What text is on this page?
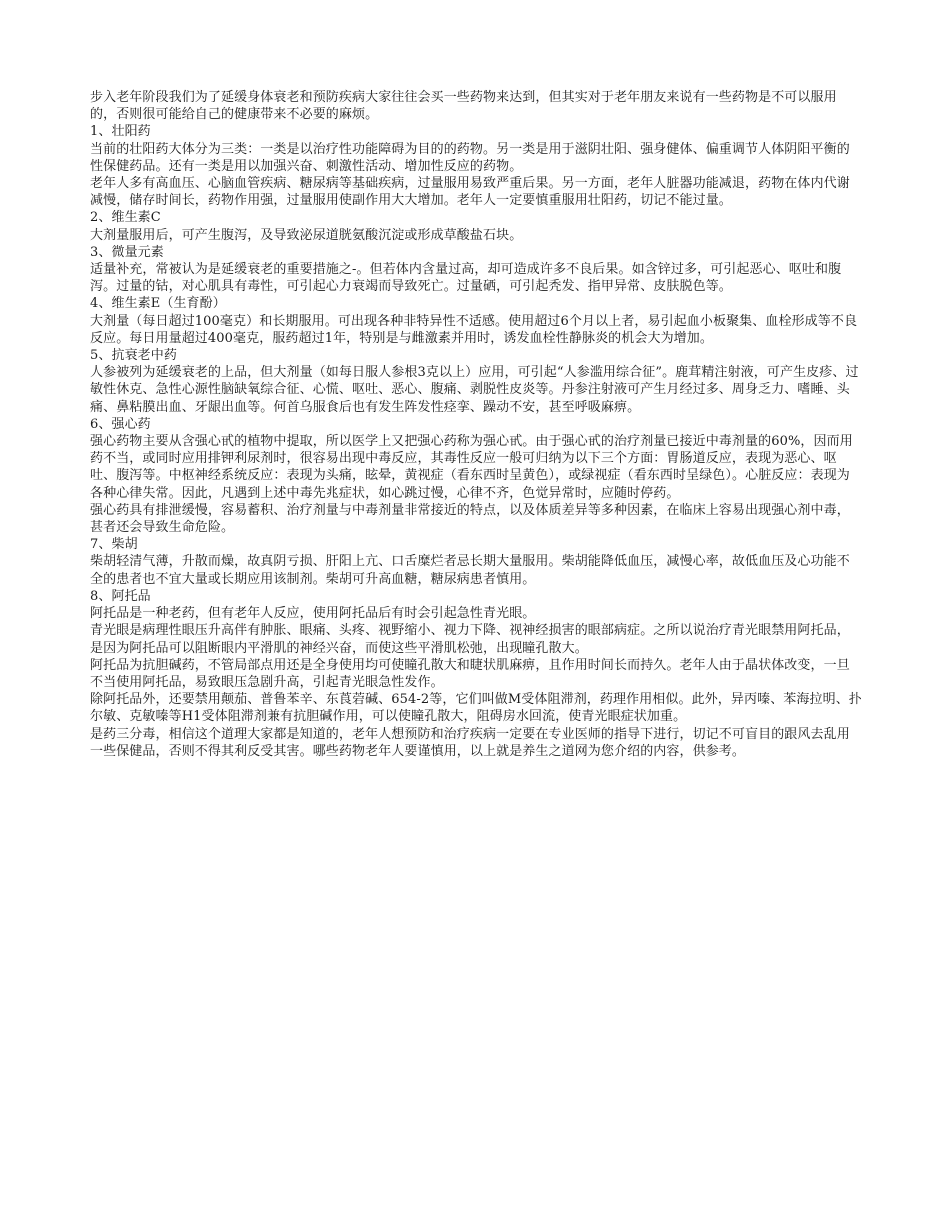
步入老年阶段我们为了延缓身体衰老和预防疾病大家往往会买一些药物来达到，但其实对于老年朋友来说有一些药物是不可以服用的，否则很可能给自己的健康带来不必要的麻烦。

1、壮阳药

当前的壮阳药大体分为三类：一类是以治疗性功能障碍为目的的药物。另一类是用于滋阴壮阳、强身健体、偏重调节人体阴阳平衡的性保健药品。还有一类是用以加强兴奋、刺激性活动、增加性反应的药物。

老年人多有高血压、心脑血管疾病、糖尿病等基础疾病，过量服用易致严重后果。另一方面，老年人脏器功能减退，药物在体内代谢减慢，储存时间长，药物作用强，过量服用使副作用大大增加。老年人一定要慎重服用壮阳药，切记不能过量。

2、维生素C

大剂量服用后，可产生腹泻，及导致泌尿道胱氨酸沉淀或形成草酸盐石块。

3、微量元素

适量补充，常被认为是延缓衰老的重要措施之-。但若体内含量过高，却可造成许多不良后果。如含锌过多，可引起恶心、呕吐和腹泻。过量的钴，对心肌具有毒性，可引起心力衰竭而导致死亡。过量硒，可引起秃发、指甲异常、皮肤脱色等。

4、维生素E（生育酚）

大剂量（每日超过100毫克）和长期服用。可出现各种非特异性不适感。使用超过6个月以上者，易引起血小板聚集、血栓形成等不良反应。每日用量超过400毫克，服药超过1年，特别是与雌激素并用时，诱发血栓性静脉炎的机会大为增加。

5、抗衰老中药

人参被列为延缓衰老的上品，但大剂量（如每日服人参根3克以上）应用，可引起“人参滥用综合征”。鹿茸精注射液，可产生皮疹、过敏性休克、急性心源性脑缺氧综合征、心慌、呕吐、恶心、腹痛、剥脱性皮炎等。丹参注射液可产生月经过多、周身乏力、嗜睡、头痛、鼻粘膜出血、牙龈出血等。何首乌服食后也有发生阵发性痉挛、躁动不安，甚至呼吸麻痹。

6、强心药

强心药物主要从含强心甙的植物中提取，所以医学上又把强心药称为强心甙。由于强心甙的治疗剂量已接近中毒剂量的60%，因而用药不当，或同时应用排钾利尿剂时，很容易出现中毒反应，其毒性反应一般可归纳为以下三个方面：胃肠道反应，表现为恶心、呕吐、腹泻等。中枢神经系统反应：表现为头痛，眩晕，黄视症（看东西时呈黄色），或绿视症（看东西时呈绿色）。心脏反应：表现为各种心律失常。因此，凡遇到上述中毒先兆症状，如心跳过慢，心律不齐，色觉异常时，应随时停药。

强心药具有排泄缓慢，容易蓄积、治疗剂量与中毒剂量非常接近的特点，以及体质差异等多种因素，在临床上容易出现强心剂中毒，甚者还会导致生命危险。

7、柴胡

柴胡轻清气薄，升散而燥，故真阴亏损、肝阳上亢、口舌糜烂者忌长期大量服用。柴胡能降低血压，减慢心率，故低血压及心功能不全的患者也不宜大量或长期应用该制剂。柴胡可升高血糖，糖尿病患者慎用。

8、阿托品

阿托品是一种老药，但有老年人反应，使用阿托品后有时会引起急性青光眼。

青光眼是病理性眼压升高伴有肿胀、眼痛、头疼、视野缩小、视力下降、视神经损害的眼部病症。之所以说治疗青光眼禁用阿托品，是因为阿托品可以阻断眼内平滑肌的神经兴奋，而使这些平滑肌松弛，出现瞳孔散大。

阿托品为抗胆碱药，不管局部点用还是全身使用均可使瞳孔散大和睫状肌麻痹，且作用时间长而持久。老年人由于晶状体改变，一旦不当使用阿托品，易致眼压急剧升高，引起青光眼急性发作。

除阿托品外，还要禁用颠茄、普鲁苯辛、东莨菪碱、654-2等，它们叫做M受体阻滞剂，药理作用相似。此外，异丙嗪、苯海拉明、扑尔敏、克敏嗪等H1受体阻滞剂兼有抗胆碱作用，可以使瞳孔散大，阻碍房水回流，使青光眼症状加重。

是药三分毒，相信这个道理大家都是知道的，老年人想预防和治疗疾病一定要在专业医师的指导下进行，切记不可盲目的跟风去乱用一些保健品，否则不得其利反受其害。哪些药物老年人要谨慎用，以上就是养生之道网为您介绍的内容，供参考。
